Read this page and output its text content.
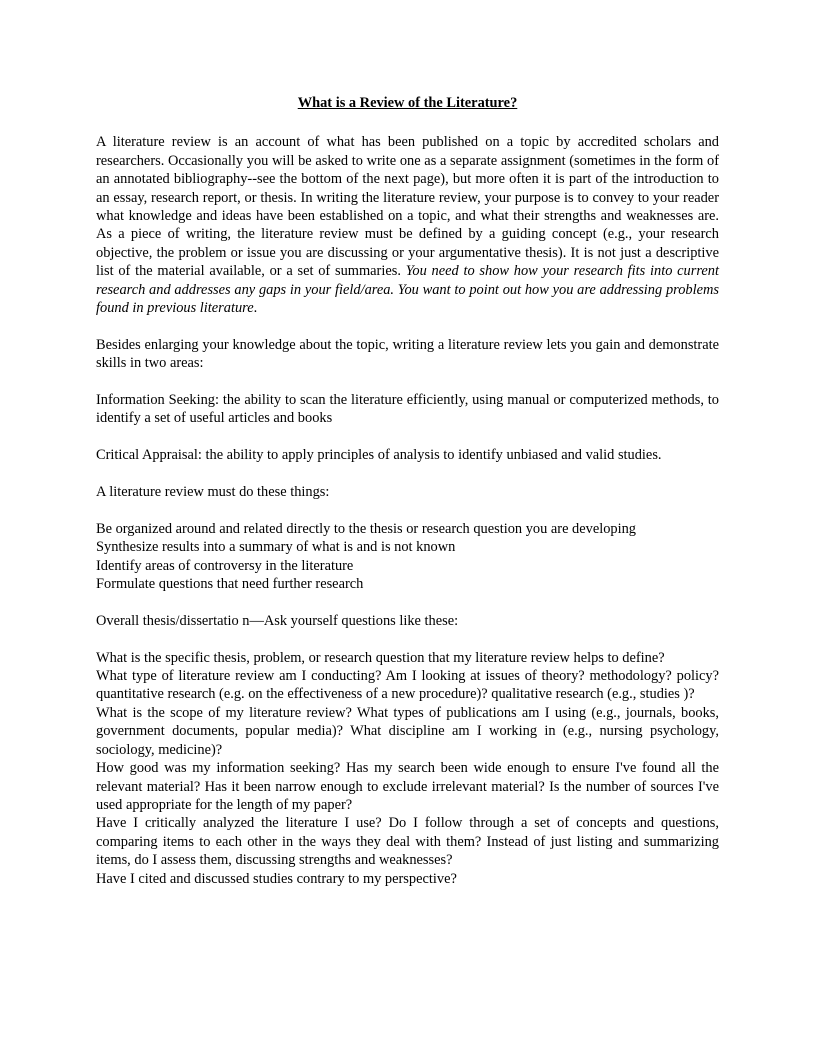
What is a Review of the Literature?

A literature review is an account of what has been published on a topic by accredited scholars and researchers. Occasionally you will be asked to write one as a separate assignment (sometimes in the form of an annotated bibliography--see the bottom of the next page), but more often it is part of the introduction to an essay, research report, or thesis. In writing the literature review, your purpose is to convey to your reader what knowledge and ideas have been established on a topic, and what their strengths and weaknesses are. As a piece of writing, the literature review must be defined by a guiding concept (e.g., your research objective, the problem or issue you are discussing or your argumentative thesis). It is not just a descriptive list of the material available, or a set of summaries. You need to show how your research fits into current research and addresses any gaps in your field/area. You want to point out how you are addressing problems found in previous literature.

Besides enlarging your knowledge about the topic, writing a literature review lets you gain and demonstrate skills in two areas:

Information Seeking: the ability to scan the literature efficiently, using manual or computerized methods, to identify a set of useful articles and books

Critical Appraisal: the ability to apply principles of analysis to identify unbiased and valid studies.

A literature review must do these things:

Be organized around and related directly to the thesis or research question you are developing

Synthesize results into a summary of what is and is not known

Identify areas of controversy in the literature

Formulate questions that need further research

Overall thesis/dissertatio n—Ask yourself questions like these:

What is the specific thesis, problem, or research question that my literature review helps to define?

What type of literature review am I conducting? Am I looking at issues of theory? methodology? policy? quantitative research (e.g. on the effectiveness of a new procedure)? qualitative research (e.g., studies )?

What is the scope of my literature review? What types of publications am I using (e.g., journals, books, government documents, popular media)? What discipline am I working in (e.g., nursing psychology, sociology, medicine)?

How good was my information seeking? Has my search been wide enough to ensure I've found all the relevant material? Has it been narrow enough to exclude irrelevant material? Is the number of sources I've used appropriate for the length of my paper?

Have I critically analyzed the literature I use? Do I follow through a set of concepts and questions, comparing items to each other in the ways they deal with them? Instead of just listing and summarizing items, do I assess them, discussing strengths and weaknesses?

Have I cited and discussed studies contrary to my perspective?
